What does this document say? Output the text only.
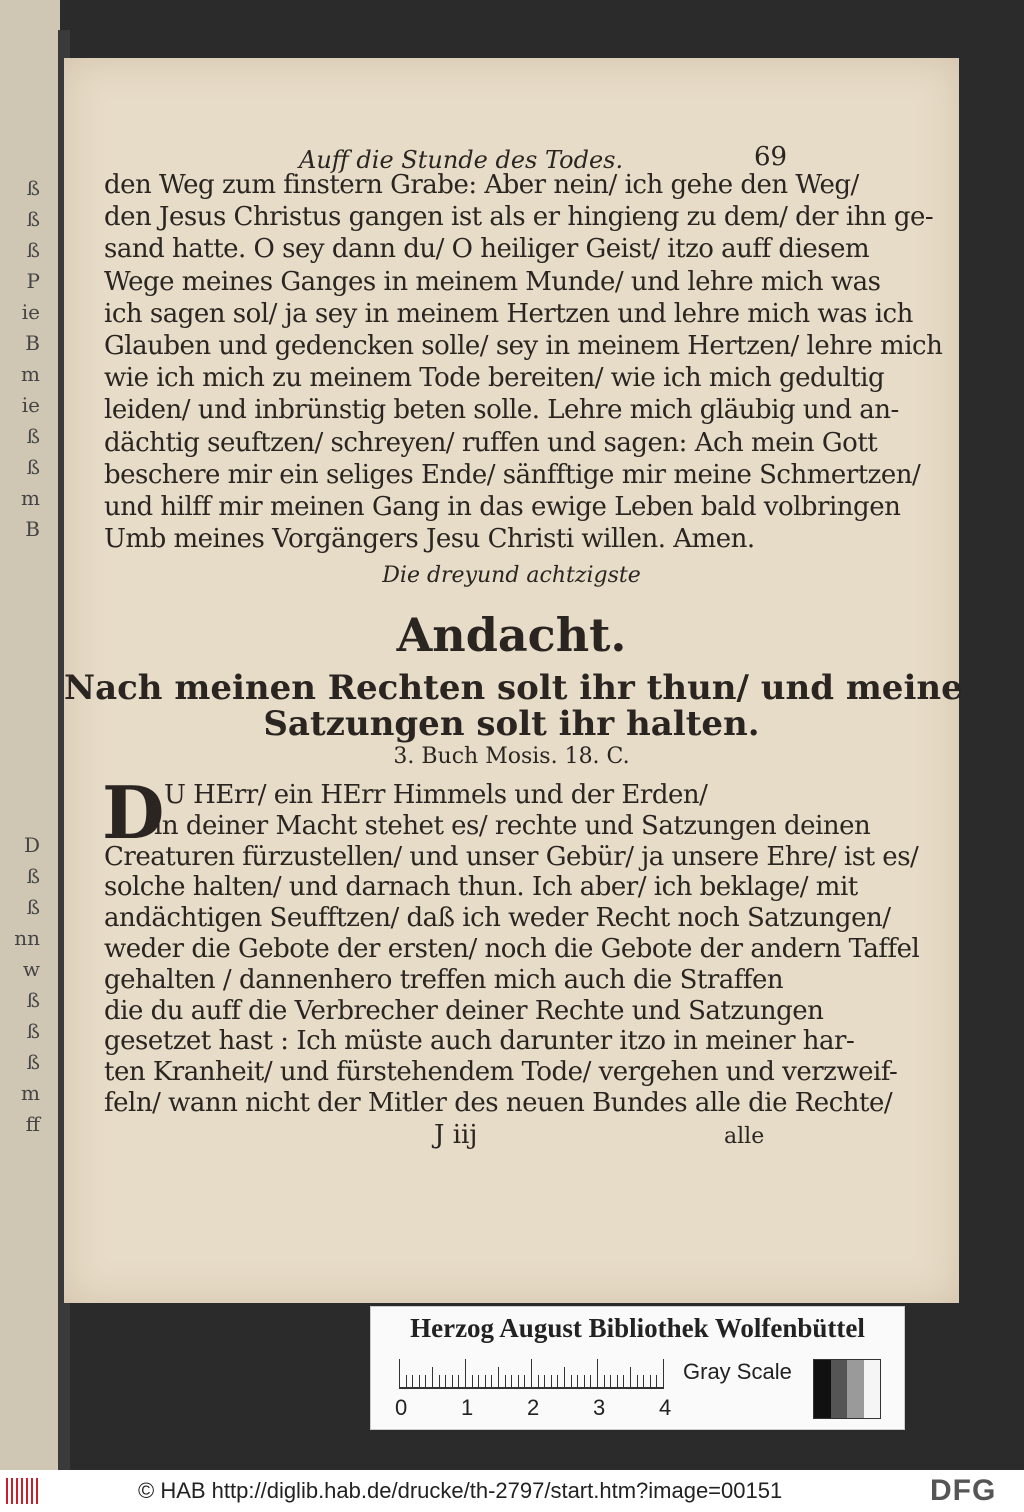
ß
ß
ß
P
ie
B
m
ie
ß
ß
m
B
D
ß
ß
nn
w
ß
ß
ß
m
ff
Auff die Stunde des Todes.	69
Die dreyund achtzigste
Andacht.
Nach meinen Rechten solt ihr thun/ und meine
Satzungen solt ihr halten.
3. Buch Mosis. 18. C.
D
J iij	alle
den Weg zum finstern Grabe: Aber nein/ ich gehe den Weg/
den Jesus Christus gangen ist als er hingieng zu dem/ der ihn ge-
sand hatte. O sey dann du/ O heiliger Geist/ itzo auff diesem
Wege meines Ganges in meinem Munde/ und lehre mich was
ich sagen sol/ ja sey in meinem Hertzen und lehre mich was ich
Glauben und gedencken solle/ sey in meinem Hertzen/ lehre mich
wie ich mich zu meinem Tode bereiten/ wie ich mich gedultig
leiden/ und inbrünstig beten solle. Lehre mich gläubig und an-
dächtig seuftzen/ schreyen/ ruffen und sagen: Ach mein Gott
beschere mir ein seliges Ende/ sänfftige mir meine Schmertzen/
und hilff mir meinen Gang in das ewige Leben bald volbringen
Umb meines Vorgängers Jesu Christi willen. Amen.
U HErr/ ein HErr Himmels und der Erden/
in deiner Macht stehet es/ rechte und Satzungen deinen
Creaturen fürzustellen/ und unser Gebür/ ja unsere Ehre/ ist es/
solche halten/ und darnach thun. Ich aber/ ich beklage/ mit
andächtigen Seufftzen/ daß ich weder Recht noch Satzungen/
weder die Gebote der ersten/ noch die Gebote der andern Taffel
gehalten / dannenhero treffen mich auch die Straffen
die du auff die Verbrecher deiner Rechte und Satzungen
gesetzet hast : Ich müste auch darunter itzo in meiner har-
ten Kranheit/ und fürstehendem Tode/ vergehen und verzweif-
feln/ wann nicht der Mitler des neuen Bundes alle die Rechte/
Herzog August Bibliothek Wolfenbüttel
Gray Scale
0 1 2 3 4
© HAB http://diglib.hab.de/drucke/th-2797/start.htm?image=00151	DFG
